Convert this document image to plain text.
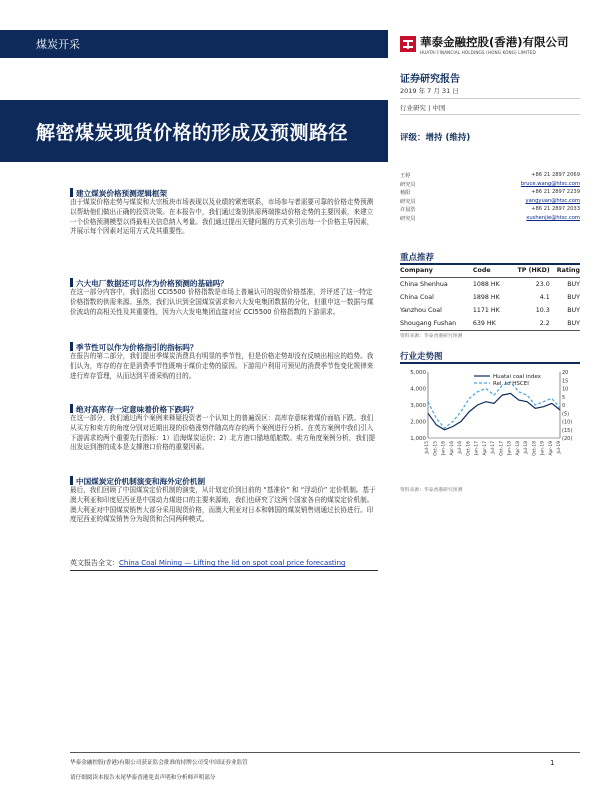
煤炭开采	華泰金融控股(香港)有限公司
HUATAI FINANCIAL HOLDINGS (HONG KONG) LIMITED
解密煤炭现货价格的形成及预测路径
证券研究报告
2019 年 7 月 31 日
行业研究 | 中国
评级：增持 (维持)
王婷	+86 21 2897 2069
研究员	bruce.wang@htsc.com
杨阳	+86 21 2897 2239
研究员	yangyuan@htsc.com
许晨浩	+86 21 2897 2033
研究员	xushenjie@htsc.com
重点推荐
Company	Code	TP (HKD)	Rating
China Shenhua	1088 HK	23.0	BUY
China Coal	1898 HK	4.1	BUY
Yanzhou Coal	1171 HK	10.3	BUY
Shougang Fushan	639 HK	2.2	BUY
资料来源：华泰香港研究预测
行业走势图
5,000
4,000
3,000
2,000
1,000
20
15
10
5
0
(5)
(10)
(15)
(20)
Jul-15 Oct-15 Jan-16 Apr-16 Jul-16 Oct-16 Jan-17 Apr-17 Jul-17 Oct-17 Jan-18 Apr-18 Jul-18 Oct-18 Jan-19 Apr-19 Jul-19
Huatai coal index
Rel. to HSCEI
资料来源：华泰香港研究预测
建立煤炭价格预测逻辑框架
由于煤炭价格走势与煤炭和大宗板块市场表现以及业绩的紧密联系，市场参与者需要可靠的价格走势预测以帮助他们做出正确的投资决策。在本报告中，我们通过鉴别供需两端推动价格走势的主要因素，来建立一个价格预测模型以得最相关信息纳入考量。我们通过提出关键问题的方式来引出每一个价格主导因素，并展示每个因素对运用方式及其重要性。
六大电厂数据还可以作为价格预测的基础吗？
在这一部分内容中，我们指出 CCI5500 价格指数是市场上普遍认可的现货价格基准，并评述了这一特定价格指数的供需来源。虽然，我们认识到全国煤炭需求和六大发电集团数据的分化，但重申这一数据与煤价波动的高相关性及其重要性，因为六大发电集团直接对应 CCI5500 价格指数的下游需求。
季节性可以作为价格指引的指标吗？
在报告的第二部分，我们提出季煤炭消费具有明显的季节性，但是价格走势却没有反映出相应的趋势。我们认为，库存的存在是消费季节性既响于煤价走势的原因。下游用户利用可预见的消费季节性变化规律来进行库存管理，从而达到平滑采购的目的。
绝对高库存一定意味着价格下跌吗？
在这一部分，我们通过两个案例来释疑投资者一个认知上的普遍误区：高库存意味着煤价面临下跌。我们从买方和卖方的角度分别对近期出现的价格涨势伴随高库存的两个案例进行分析。在英方案例中我们引入下游需求的两个重要先行指标：1）沿海煤炭运价；2）北方港口锚地船舶数。卖方角度案例分析，我们提出发运到港的成本是支撑港口价格的重要因素。
中国煤炭定价机制演变和海外定价机制
最后，我们回顾了中国煤炭定价机制的演变，从计划定价到目前的 “基准价” 和 “浮动价” 定价机制。基于澳大利亚和印度尼西亚是中国动力煤进口的主要来源地，我们也研究了这两个国家各自的煤炭定价机制。澳大利亚对中国煤炭销售大部分采用现货价格，而澳大利亚对日本和韩国的煤炭销售则通过长协进行。印度尼西亚的煤炭销售分为现货和合同两种模式。
英文报告全文：China Coal Mining — Lifting the lid on spot coal price forecasting
华泰金融控股(香港)有限公司获证监会批准的持牌公司受中国证券业监管
请仔细阅读本报告末尾华泰香港免责声明和分析师声明部分
1
